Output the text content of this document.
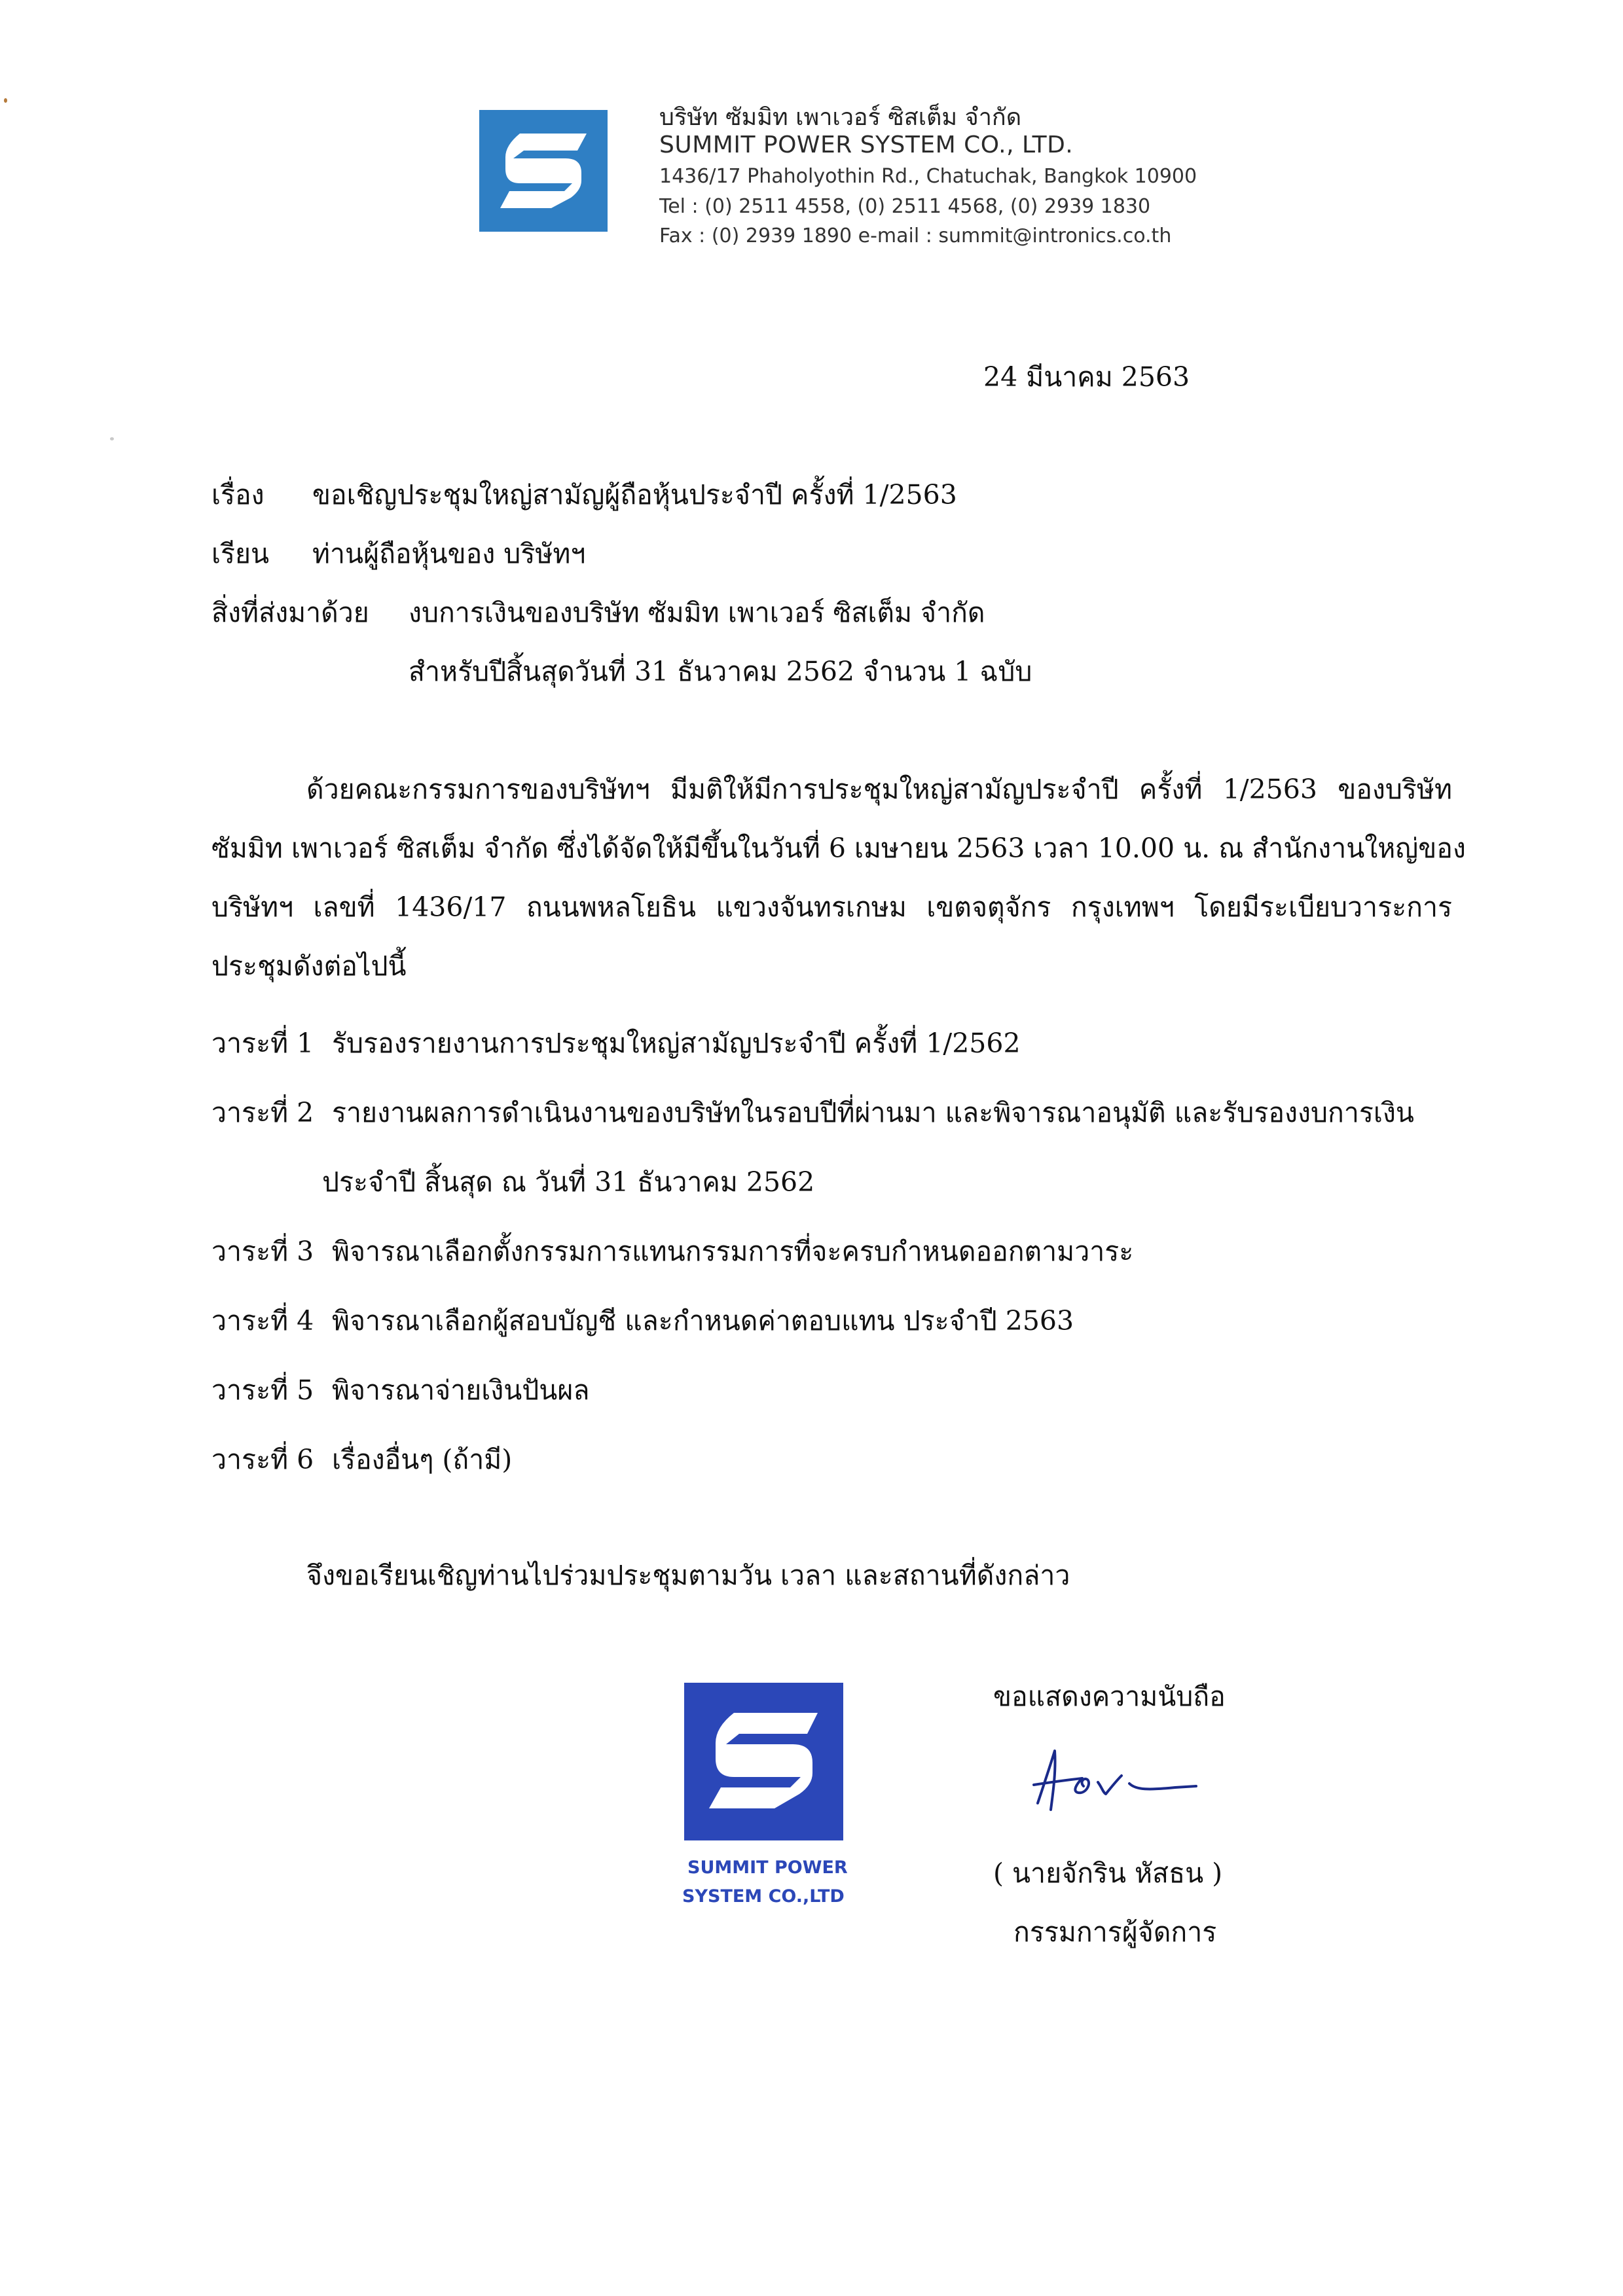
บริษัท ซัมมิท เพาเวอร์ ซิสเต็ม จำกัด
SUMMIT POWER SYSTEM CO., LTD.
1436/17 Phaholyothin Rd., Chatuchak, Bangkok 10900
Tel : (0) 2511 4558, (0) 2511 4568, (0) 2939 1830
Fax : (0) 2939 1890 e-mail : summit@intronics.co.th
24 มีนาคม 2563
เรื่อง ขอเชิญประชุมใหญ่สามัญผู้ถือหุ้นประจำปี ครั้งที่ 1/2563
เรียน ท่านผู้ถือหุ้นของ บริษัทฯ
สิ่งที่ส่งมาด้วย งบการเงินของบริษัท ซัมมิท เพาเวอร์ ซิสเต็ม จำกัด
สำหรับปีสิ้นสุดวันที่ 31 ธันวาคม 2562 จำนวน 1 ฉบับ
ด้วยคณะกรรมการของบริษัทฯ มีมติให้มีการประชุมใหญ่สามัญประจำปี ครั้งที่ 1/2563 ของบริษัท
ซัมมิท เพาเวอร์ ซิสเต็ม จำกัด ซึ่งได้จัดให้มีขึ้นในวันที่ 6 เมษายน 2563 เวลา 10.00 น. ณ สำนักงานใหญ่ของ
บริษัทฯ เลขที่ 1436/17 ถนนพหลโยธิน แขวงจันทรเกษม เขตจตุจักร กรุงเทพฯ โดยมีระเบียบวาระการ
ประชุมดังต่อไปนี้
วาระที่ 1 รับรองรายงานการประชุมใหญ่สามัญประจำปี ครั้งที่ 1/2562
วาระที่ 2 รายงานผลการดำเนินงานของบริษัทในรอบปีที่ผ่านมา และพิจารณาอนุมัติ และรับรองงบการเงิน
ประจำปี สิ้นสุด ณ วันที่ 31 ธันวาคม 2562
วาระที่ 3 พิจารณาเลือกตั้งกรรมการแทนกรรมการที่จะครบกำหนดออกตามวาระ
วาระที่ 4 พิจารณาเลือกผู้สอบบัญชี และกำหนดค่าตอบแทน ประจำปี 2563
วาระที่ 5 พิจารณาจ่ายเงินปันผล
วาระที่ 6 เรื่องอื่นๆ (ถ้ามี)
จึงขอเรียนเชิญท่านไปร่วมประชุมตามวัน เวลา และสถานที่ดังกล่าว
SUMMIT POWER
SYSTEM CO.,LTD
ขอแสดงความนับถือ
( นายจักริน หัสธน )
กรรมการผู้จัดการ
